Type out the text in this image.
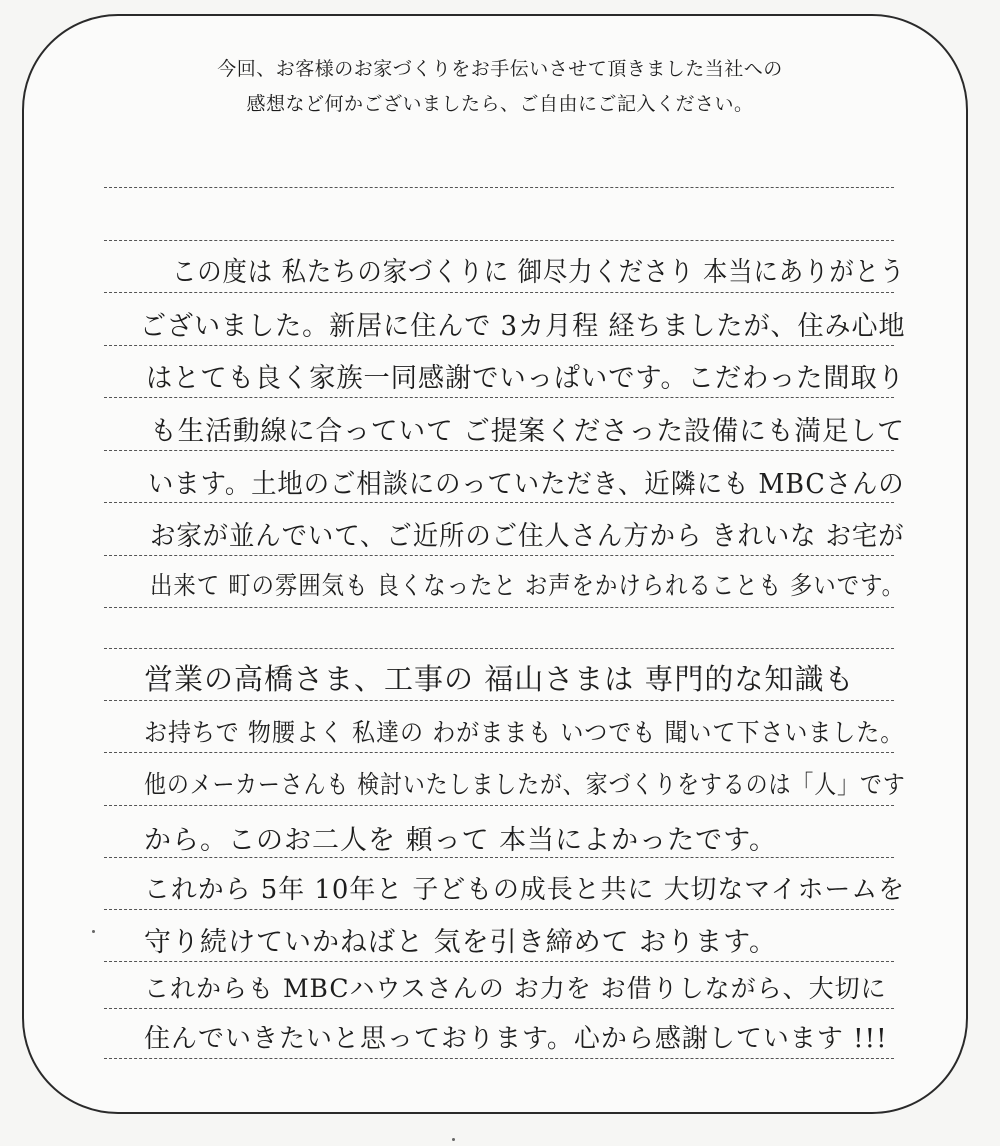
今回、お客様のお家づくりをお手伝いさせて頂きました当社への
感想など何かございましたら、ご自由にご記入ください。
この度は 私たちの家づくりに 御尽力くださり 本当にありがとう
ございました。新居に住んで 3カ月程 経ちましたが、住み心地
はとても良く家族一同感謝でいっぱいです。こだわった間取り
も生活動線に合っていて ご提案くださった設備にも満足して
います。土地のご相談にのっていただき、近隣にも MBCさんの
お家が並んでいて、ご近所のご住人さん方から きれいな お宅が
出来て 町の雰囲気も 良くなったと お声をかけられることも 多いです。
営業の高橋さま、工事の 福山さまは 専門的な知識も
お持ちで 物腰よく 私達の わがままも いつでも 聞いて下さいました。
他のメーカーさんも 検討いたしましたが、家づくりをするのは「人」です
から。このお二人を 頼って 本当によかったです。
これから 5年 10年と 子どもの成長と共に 大切なマイホームを
守り続けていかねばと 気を引き締めて おります。
これからも MBCハウスさんの お力を お借りしながら、大切に
住んでいきたいと思っております。心から感謝しています !!!
